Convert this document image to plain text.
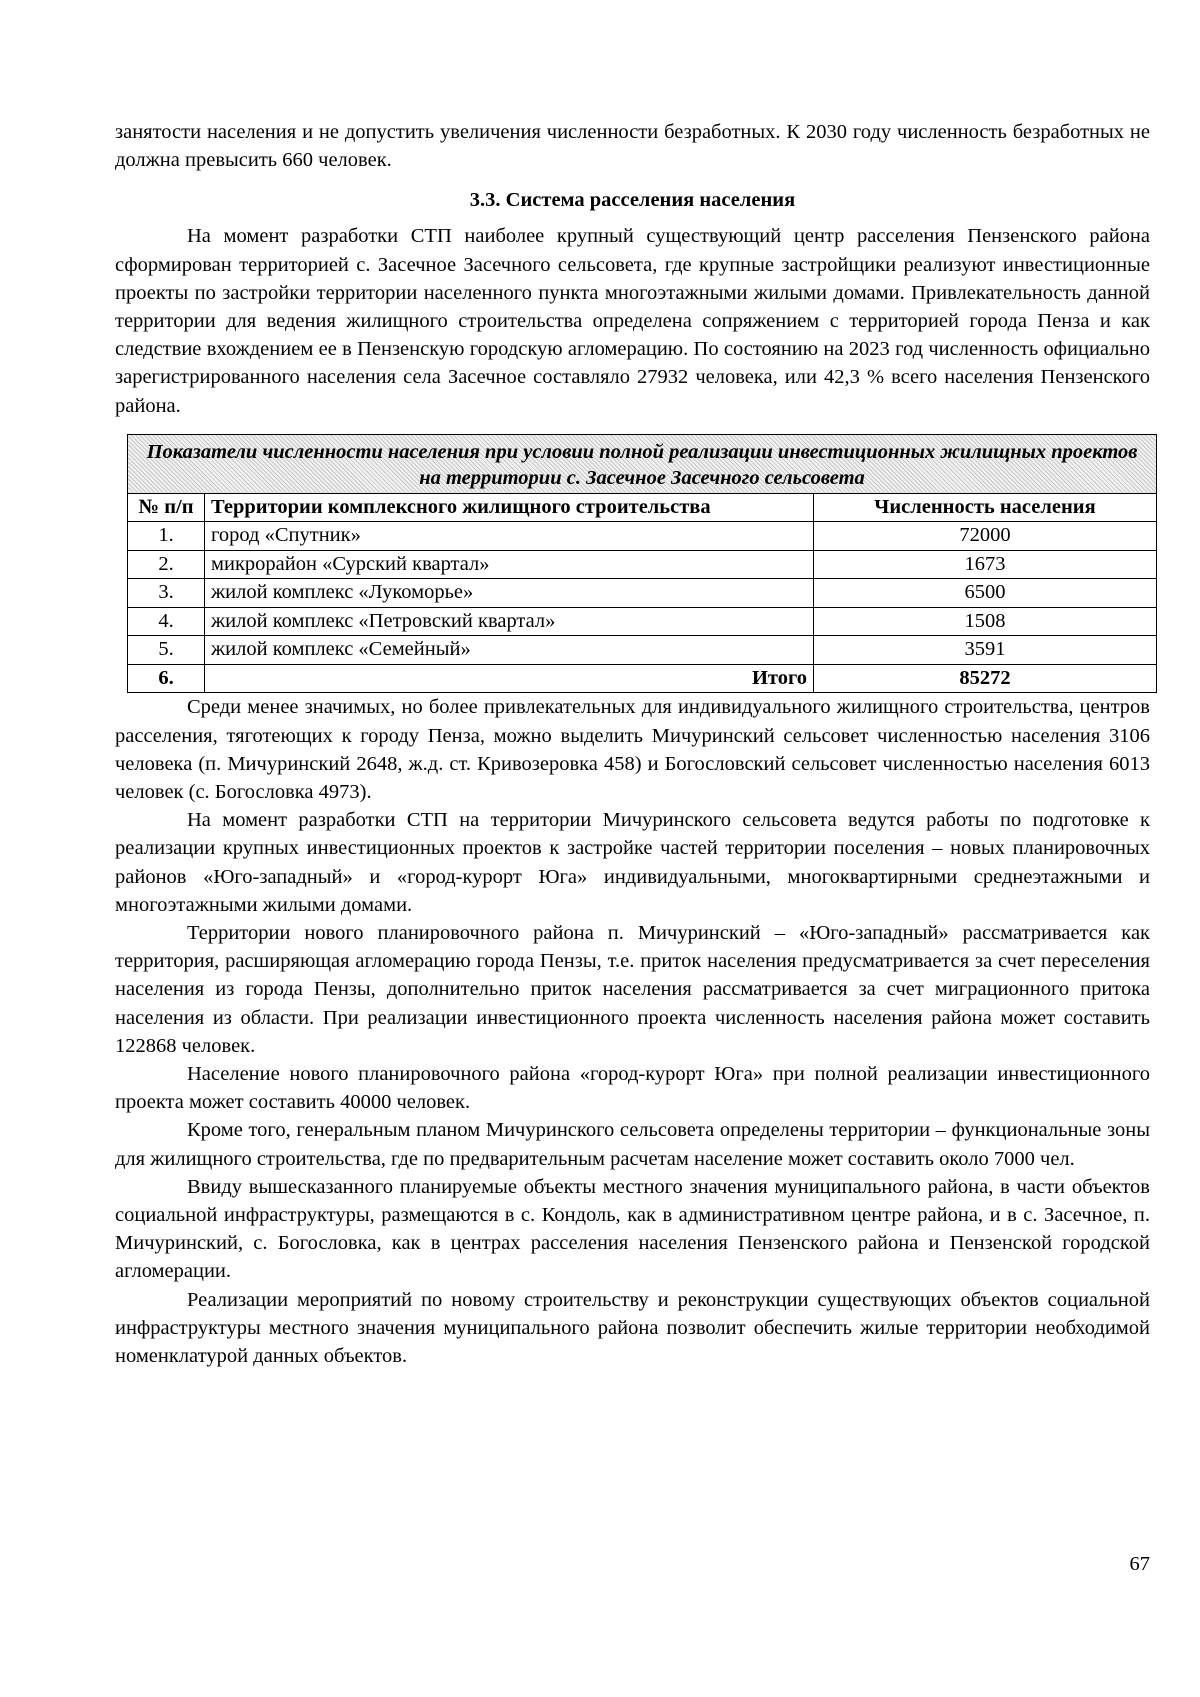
занятости населения и не допустить увеличения численности безработных. К 2030 году численность безработных не должна превысить 660 человек.

3.3. Система расселения населения

На момент разработки СТП наиболее крупный существующий центр расселения Пензенского района сформирован территорией с. Засечное Засечного сельсовета, где крупные застройщики реализуют инвестиционные проекты по застройки территории населенного пункта многоэтажными жилыми домами. Привлекательность данной территории для ведения жилищного строительства определена сопряжением с территорией города Пенза и как следствие вхождением ее в Пензенскую городскую агломерацию. По состоянию на 2023 год численность официально зарегистрированного населения села Засечное составляло 27932 человека, или 42,3 % всего населения Пензенского района.

Показатели численности населения при условии полной реализации инвестиционных жилищных проектов на территории с. Засечное Засечного сельсовета		
№ п/п	Территории комплексного жилищного строительства	Численность населения
1.	город «Спутник»	72000
2.	микрорайон «Сурский квартал»	1673
3.	жилой комплекс «Лукоморье»	6500
4.	жилой комплекс «Петровский квартал»	1508
5.	жилой комплекс «Семейный»	3591
6.	Итого	85272

Среди менее значимых, но более привлекательных для индивидуального жилищного строительства, центров расселения, тяготеющих к городу Пенза, можно выделить Мичуринский сельсовет численностью населения 3106 человека (п. Мичуринский 2648, ж.д. ст. Кривозеровка 458) и Богословский сельсовет численностью населения 6013 человек (с. Богословка 4973).

На момент разработки СТП на территории Мичуринского сельсовета ведутся работы по подготовке к реализации крупных инвестиционных проектов к застройке частей территории поселения – новых планировочных районов «Юго-западный» и «город-курорт Юга» индивидуальными, многоквартирными среднеэтажными и многоэтажными жилыми домами.

Территории нового планировочного района п. Мичуринский – «Юго-западный» рассматривается как территория, расширяющая агломерацию города Пензы, т.е. приток населения предусматривается за счет переселения населения из города Пензы, дополнительно приток населения рассматривается за счет миграционного притока населения из области. При реализации инвестиционного проекта численность населения района может составить 122868 человек.

Население нового планировочного района «город-курорт Юга» при полной реализации инвестиционного проекта может составить 40000 человек.

Кроме того, генеральным планом Мичуринского сельсовета определены территории – функциональные зоны для жилищного строительства, где по предварительным расчетам население может составить около 7000 чел.

Ввиду вышесказанного планируемые объекты местного значения муниципального района, в части объектов социальной инфраструктуры, размещаются в с. Кондоль, как в административном центре района, и в с. Засечное, п. Мичуринский, с. Богословка, как в центрах расселения населения Пензенского района и Пензенской городской агломерации.

Реализации мероприятий по новому строительству и реконструкции существующих объектов социальной инфраструктуры местного значения муниципального района позволит обеспечить жилые территории необходимой номенклатурой данных объектов.

67
